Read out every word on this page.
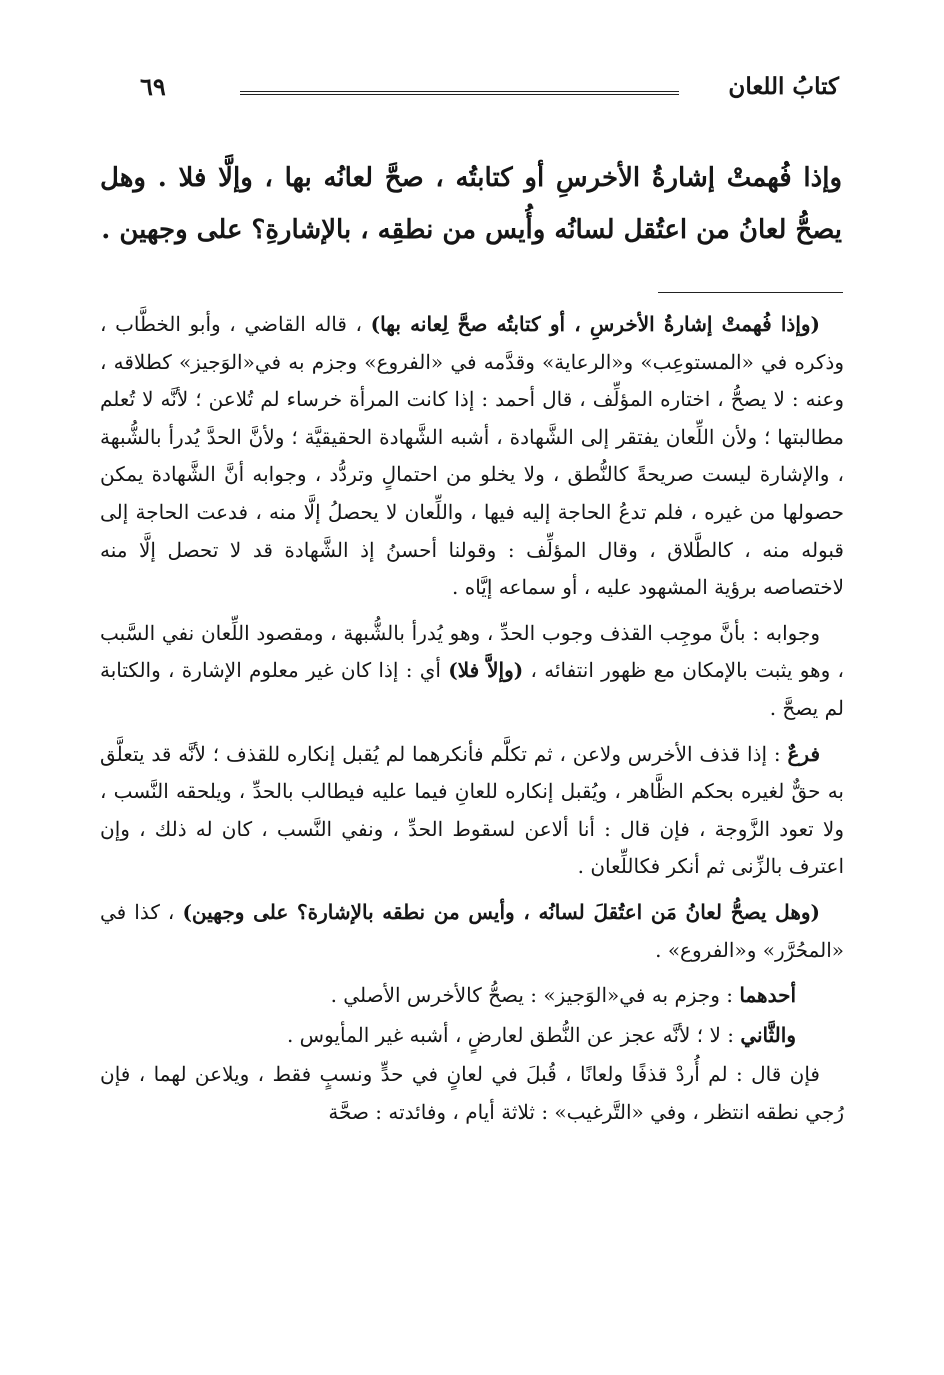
كتابُ اللعان
٦٩

وإذا فُهمتْ إشارةُ الأخرسِ أو كتابتُه ، صحَّ لعانُه بها ، وإلَّا فلا . وهل يصحُّ لعانُ من اعتُقل لسانُه وأُيس من نطقِه ، بالإشارةِ؟ على وجهين .

(وإذا فُهمتْ إشارةُ الأخرسِ ، أو كتابتُه صحَّ لِعانه بها) ، قاله القاضي ، وأبو الخطَّاب ، وذكره في «المستوعِب» و«الرعاية» وقدَّمه في «الفروع» وجزم به في«الوَجيز» كطلاقه ، وعنه : لا يصحُّ ، اختاره المؤلِّف ، قال أحمد : إذا كانت المرأة خرساء لم تُلاعن ؛ لأنَّه لا تُعلم مطالبتها ؛ ولأن اللِّعان يفتقر إلى الشَّهادة ، أشبه الشَّهادة الحقيقيَّة ؛ ولأنَّ الحدَّ يُدرأ بالشُّبهة ، والإشارة ليست صريحةً كالنُّطق ، ولا يخلو من احتمالٍ وتردُّد ، وجوابه أنَّ الشَّهادة يمكن حصولها من غيره ، فلم تدعُ الحاجة إليه فيها ، واللِّعان لا يحصلُ إلَّا منه ، فدعت الحاجة إلى قبوله منه ، كالطَّلاق ، وقال المؤلِّف : وقولنا أحسنُ إذ الشَّهادة قد لا تحصل إلَّا منه لاختصاصه برؤية المشهود عليه ، أو سماعه إيَّاه .

وجوابه : بأنَّ موجِب القذف وجوب الحدِّ ، وهو يُدرأ بالشُّبهة ، ومقصود اللِّعان نفي السَّبب ، وهو يثبت بالإمكان مع ظهور انتفائه ، (وإلاَّ فلا) أي : إذا كان غير معلوم الإشارة ، والكتابة لم يصحَّ .

فرعٌ : إذا قذف الأخرس ولاعن ، ثم تكلَّم فأنكرهما لم يُقبل إنكاره للقذف ؛ لأنَّه قد يتعلَّق به حقٌّ لغيره بحكم الظَّاهر ، ويُقبل إنكاره للعانِ فيما عليه فيطالب بالحدِّ ، ويلحقه النَّسب ، ولا تعود الزَّوجة ، فإن قال : أنا ألاعن لسقوط الحدِّ ، ونفي النَّسب ، كان له ذلك ، وإن اعترف بالزِّنى ثم أنكر فكاللِّعان .

(وهل يصحُّ لعانُ مَن اعتُقلَ لسانُه ، وأيس من نطقه بالإشارة؟ على وجهين) ، كذا في «المحُرَّر» و«الفروع» .

أحدهما : وجزم به في«الوَجيز» : يصحُّ كالأخرس الأصلي .

والثَّاني : لا ؛ لأنَّه عجز عن النُّطق لعارضٍ ، أشبه غير المأيوس .

فإن قال : لم أُردْ قذفًا ولعانًا ، قُبلَ في لعانٍ في حدٍّ ونسبٍ فقط ، ويلاعن لهما ، فإن رُجي نطقه انتظر ، وفي «التَّرغيب» : ثلاثة أيام ، وفائدته : صحَّة
